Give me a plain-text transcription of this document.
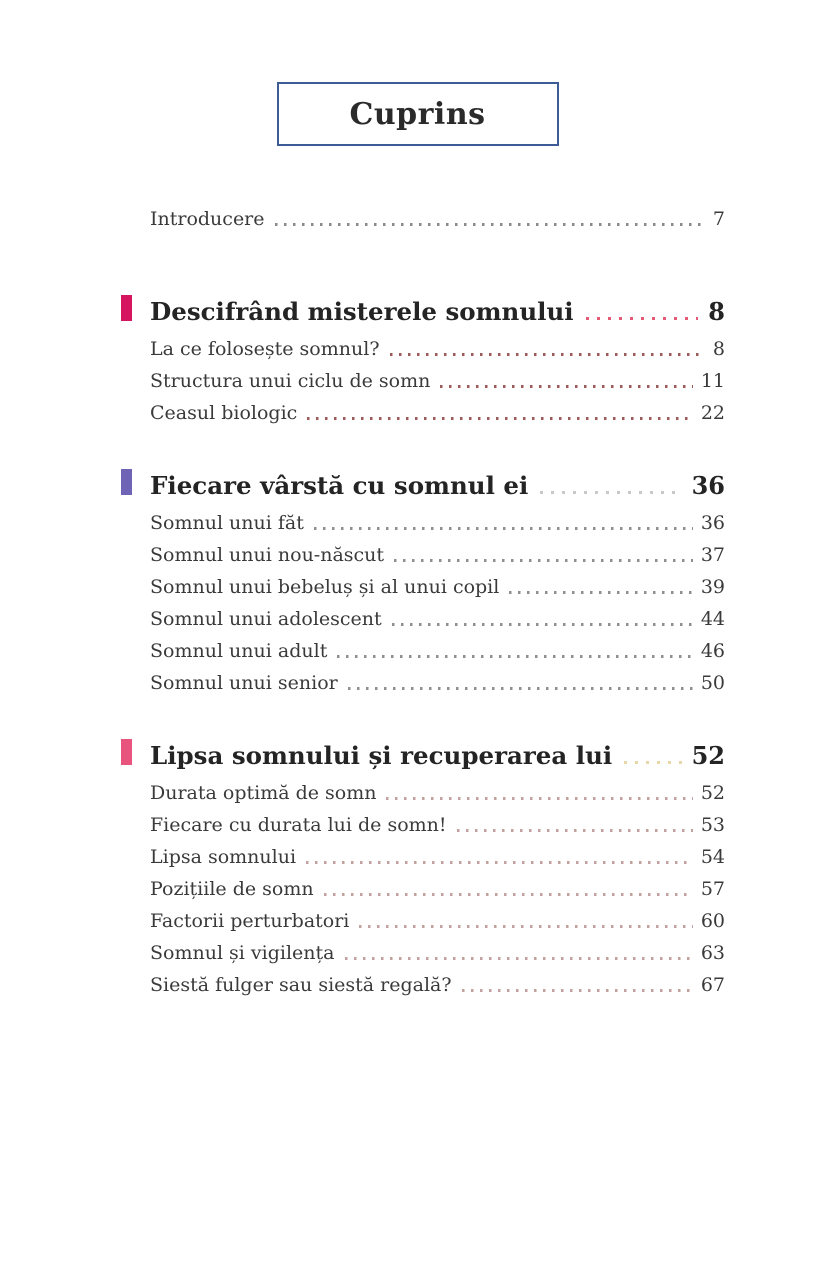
Cuprins
Introducere	7
Descifrând misterele somnului	8
La ce folosește somnul?	8
Structura unui ciclu de somn	11
Ceasul biologic	22
Fiecare vârstă cu somnul ei	36
Somnul unui făt	36
Somnul unui nou-născut	37
Somnul unui bebeluș și al unui copil	39
Somnul unui adolescent	44
Somnul unui adult	46
Somnul unui senior	50
Lipsa somnului și recuperarea lui	52
Durata optimă de somn	52
Fiecare cu durata lui de somn!	53
Lipsa somnului	54
Pozițiile de somn	57
Factorii perturbatori	60
Somnul și vigilența	63
Siestă fulger sau siestă regală?	67
